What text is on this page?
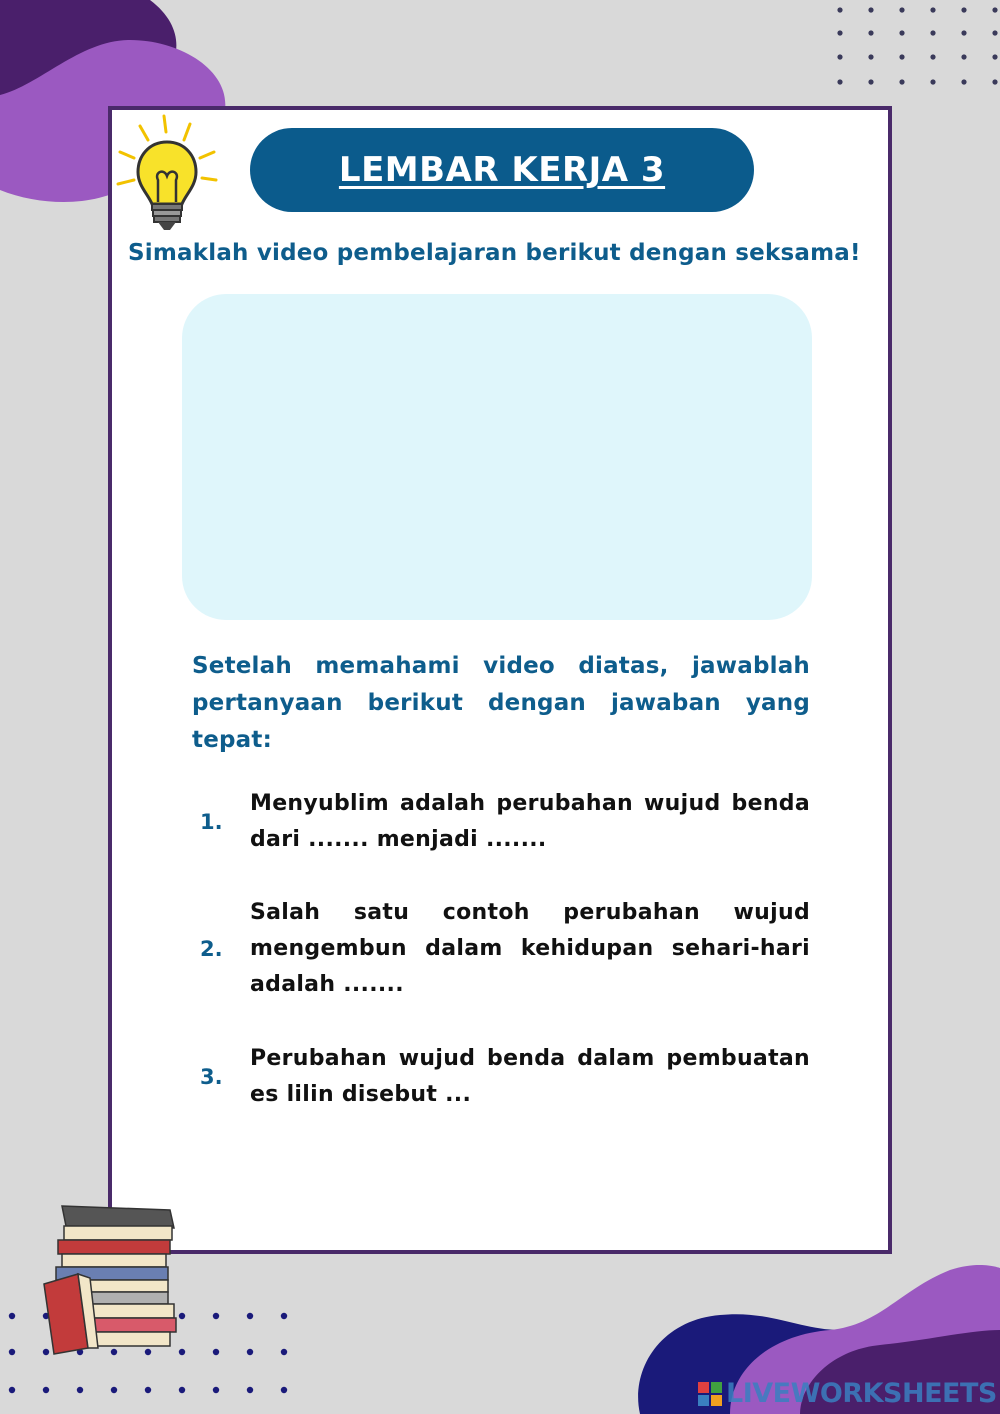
LEMBAR KERJA 3
Simaklah video pembelajaran berikut dengan seksama!
Setelah memahami video diatas, jawablah pertanyaan berikut dengan jawaban yang tepat:
1.
Menyublim adalah perubahan wujud benda dari ....... menjadi .......
2.
Salah satu contoh perubahan wujud mengembun dalam kehidupan sehari-hari adalah .......
3.
Perubahan wujud benda dalam pembuatan es lilin disebut ...
LIVEWORKSHEETS
